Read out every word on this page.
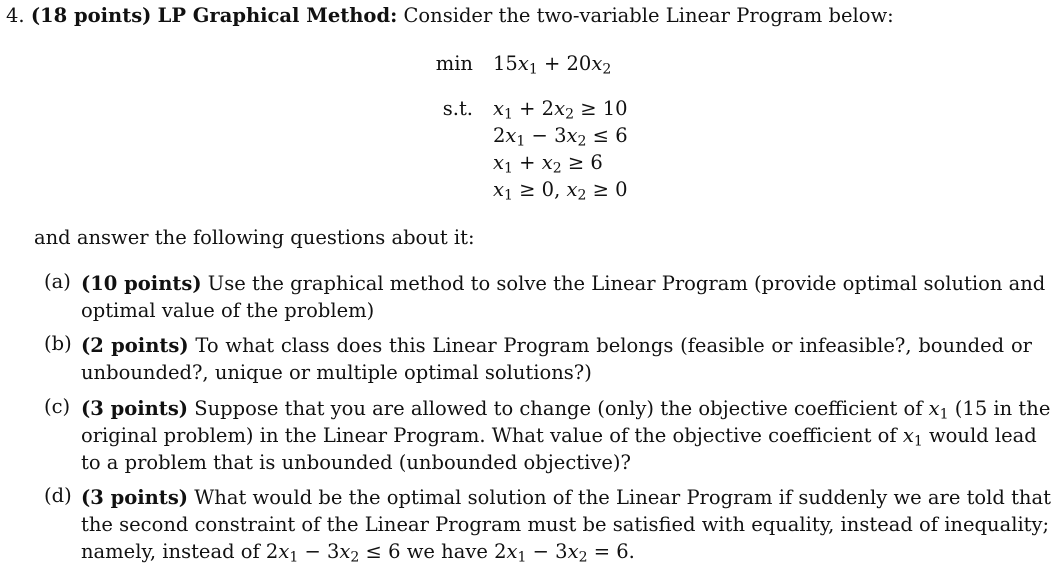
4. (18 points) LP Graphical Method: Consider the two-variable Linear Program below:
$\min 15x_1 + 20x_2$
s.t. $x_1 + 2x_2 \ge 10$
$2x_1 - 3x_2 \le 6$
$x_1 + x_2 \ge 6$
$x_1 \ge 0$, $x_2 \ge 0$
and answer the following questions about it:
(a) (10 points) Use the graphical method to solve the Linear Program (provide optimal solution and
optimal value of the problem)
(b) (2 points) To what class does this Linear Program belongs (feasible or infeasible?, bounded or
unbounded?, unique or multiple optimal solutions?)
(c) (3 points) Suppose that you are allowed to change (only) the objective coefficient of $x_1$ (15 in the
original problem) in the Linear Program. What value of the objective coefficient of $x_1$ would lead
to a problem that is unbounded (unbounded objective)?
(d) (3 points) What would be the optimal solution of the Linear Program if suddenly we are told that
the second constraint of the Linear Program must be satisfied with equality, instead of inequality;
namely, instead of $2x_1 - 3x_2 \le 6$ we have $2x_1 - 3x_2 = 6$.
